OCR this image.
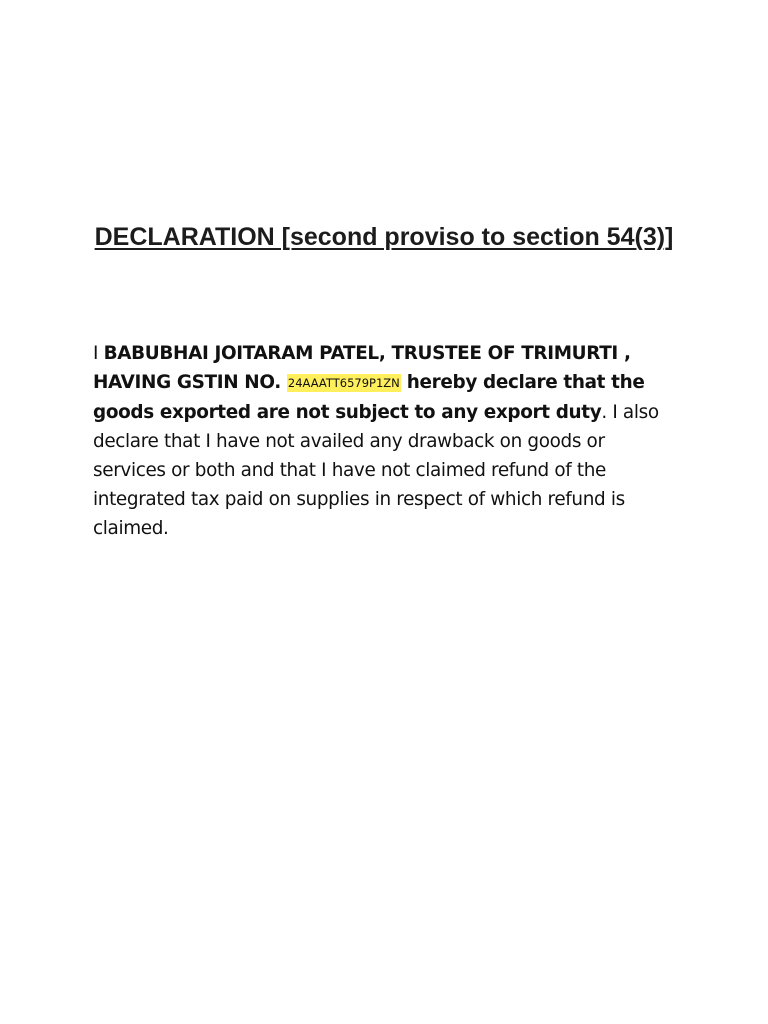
DECLARATION [second proviso to section 54(3)]
I BABUBHAI JOITARAM PATEL, TRUSTEE OF TRIMURTI , HAVING GSTIN NO. 24AAATT6579P1ZN hereby declare that the goods exported are not subject to any export duty. I also declare that I have not availed any drawback on goods or services or both and that I have not claimed refund of the integrated tax paid on supplies in respect of which refund is claimed.
